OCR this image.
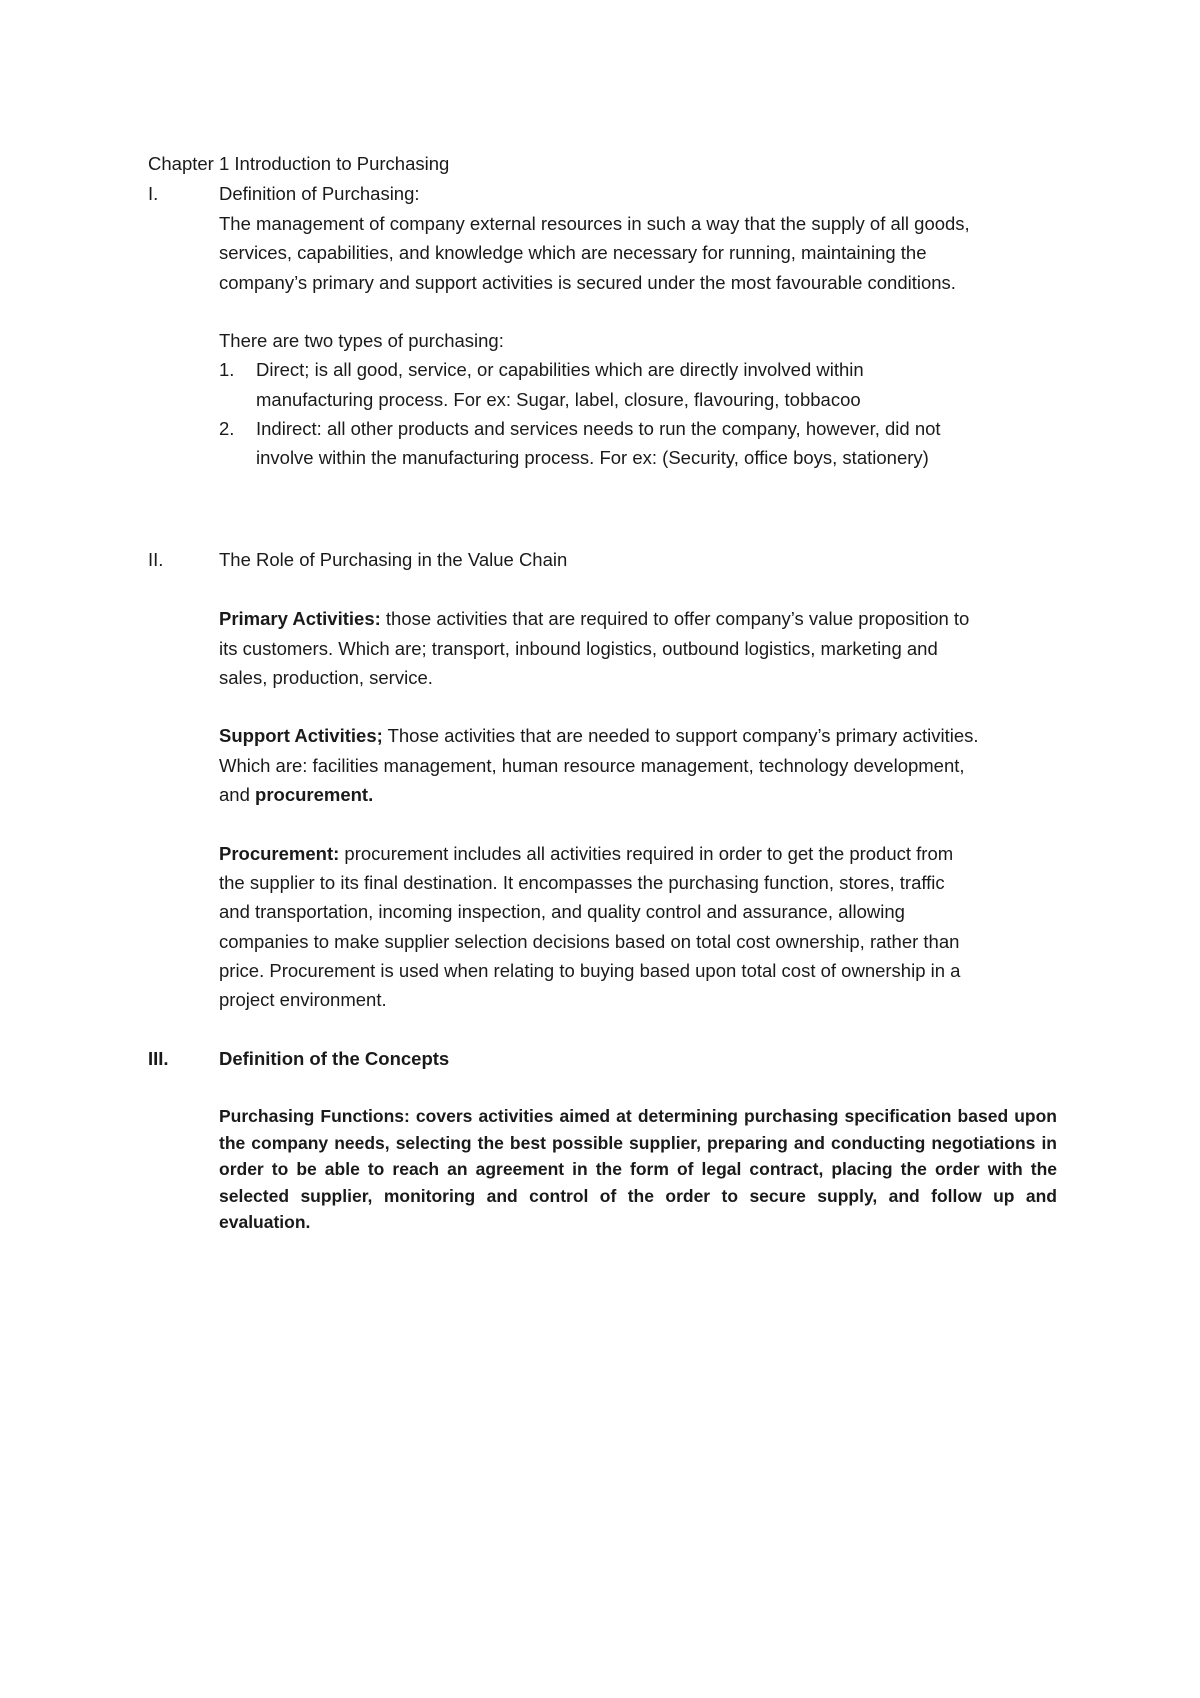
Chapter 1 Introduction to Purchasing
I.	Definition of Purchasing:
The management of company external resources in such a way that the supply of all goods,
services, capabilities, and knowledge which are necessary for running, maintaining the
company’s primary and support activities is secured under the most favourable conditions.
There are two types of purchasing:
1. Direct; is all good, service, or capabilities which are directly involved within
manufacturing process. For ex: Sugar, label, closure, flavouring, tobbacoo
2. Indirect: all other products and services needs to run the company, however, did not
involve within the manufacturing process. For ex: (Security, office boys, stationery)
II.	The Role of Purchasing in the Value Chain
Primary Activities: those activities that are required to offer company’s value proposition to
its customers. Which are; transport, inbound logistics, outbound logistics, marketing and
sales, production, service.
Support Activities; Those activities that are needed to support company’s primary activities.
Which are: facilities management, human resource management, technology development,
and procurement.
Procurement: procurement includes all activities required in order to get the product from
the supplier to its final destination. It encompasses the purchasing function, stores, traffic
and transportation, incoming inspection, and quality control and assurance, allowing
companies to make supplier selection decisions based on total cost ownership, rather than
price. Procurement is used when relating to buying based upon total cost of ownership in a
project environment.
III.	Definition of the Concepts
Purchasing Functions: covers activities aimed at determining purchasing specification based upon
the company needs, selecting the best possible supplier, preparing and conducting negotiations in
order to be able to reach an agreement in the form of legal contract, placing the order with the
selected supplier, monitoring and control of the order to secure supply, and follow up and evaluation.
